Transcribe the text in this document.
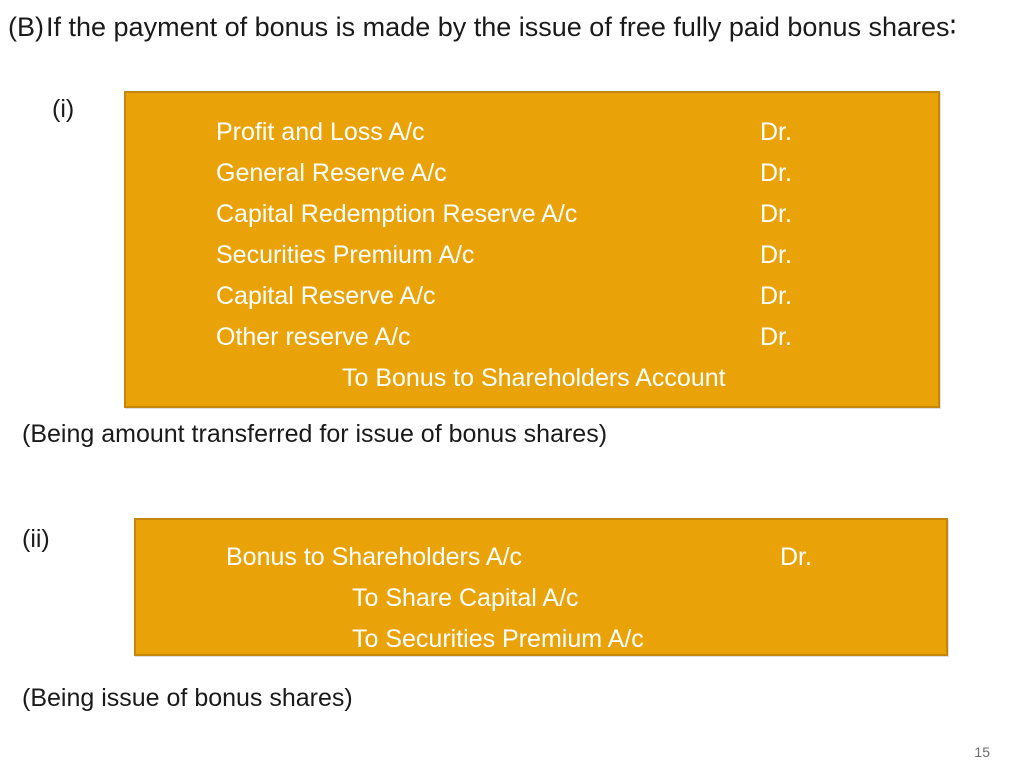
(B) If the payment of bonus is made by the issue of free fully paid bonus shares∶
(i)
Profit and Loss A/c	Dr.
General Reserve A/c	Dr.
Capital Redemption Reserve A/c	Dr.
Securities Premium A/c	Dr.
Capital Reserve A/c	Dr.
Other reserve A/c	Dr.
To Bonus to Shareholders Account
(Being amount transferred for issue of bonus shares)
(ii)
Bonus to Shareholders A/c	Dr.
To Share Capital A/c
To Securities Premium A/c
(Being issue of bonus shares)
15
